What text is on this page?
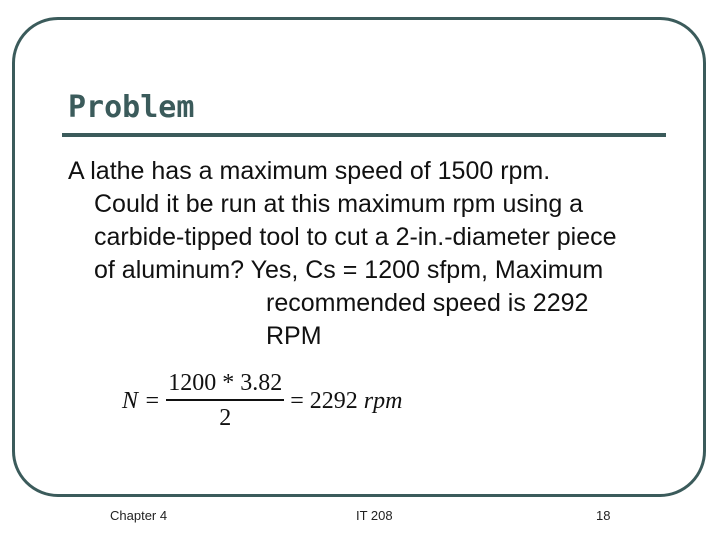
Problem
A lathe has a maximum speed of 1500 rpm.
Could it be run at this maximum rpm using a
carbide-tipped tool to cut a 2-in.-diameter piece
of aluminum? Yes, Cs = 1200 sfpm, Maximum
recommended speed is 2292
RPM
$N = \frac{1200 * 3.82}{2} = 2292$ rpm
Chapter 4	IT 208	18
